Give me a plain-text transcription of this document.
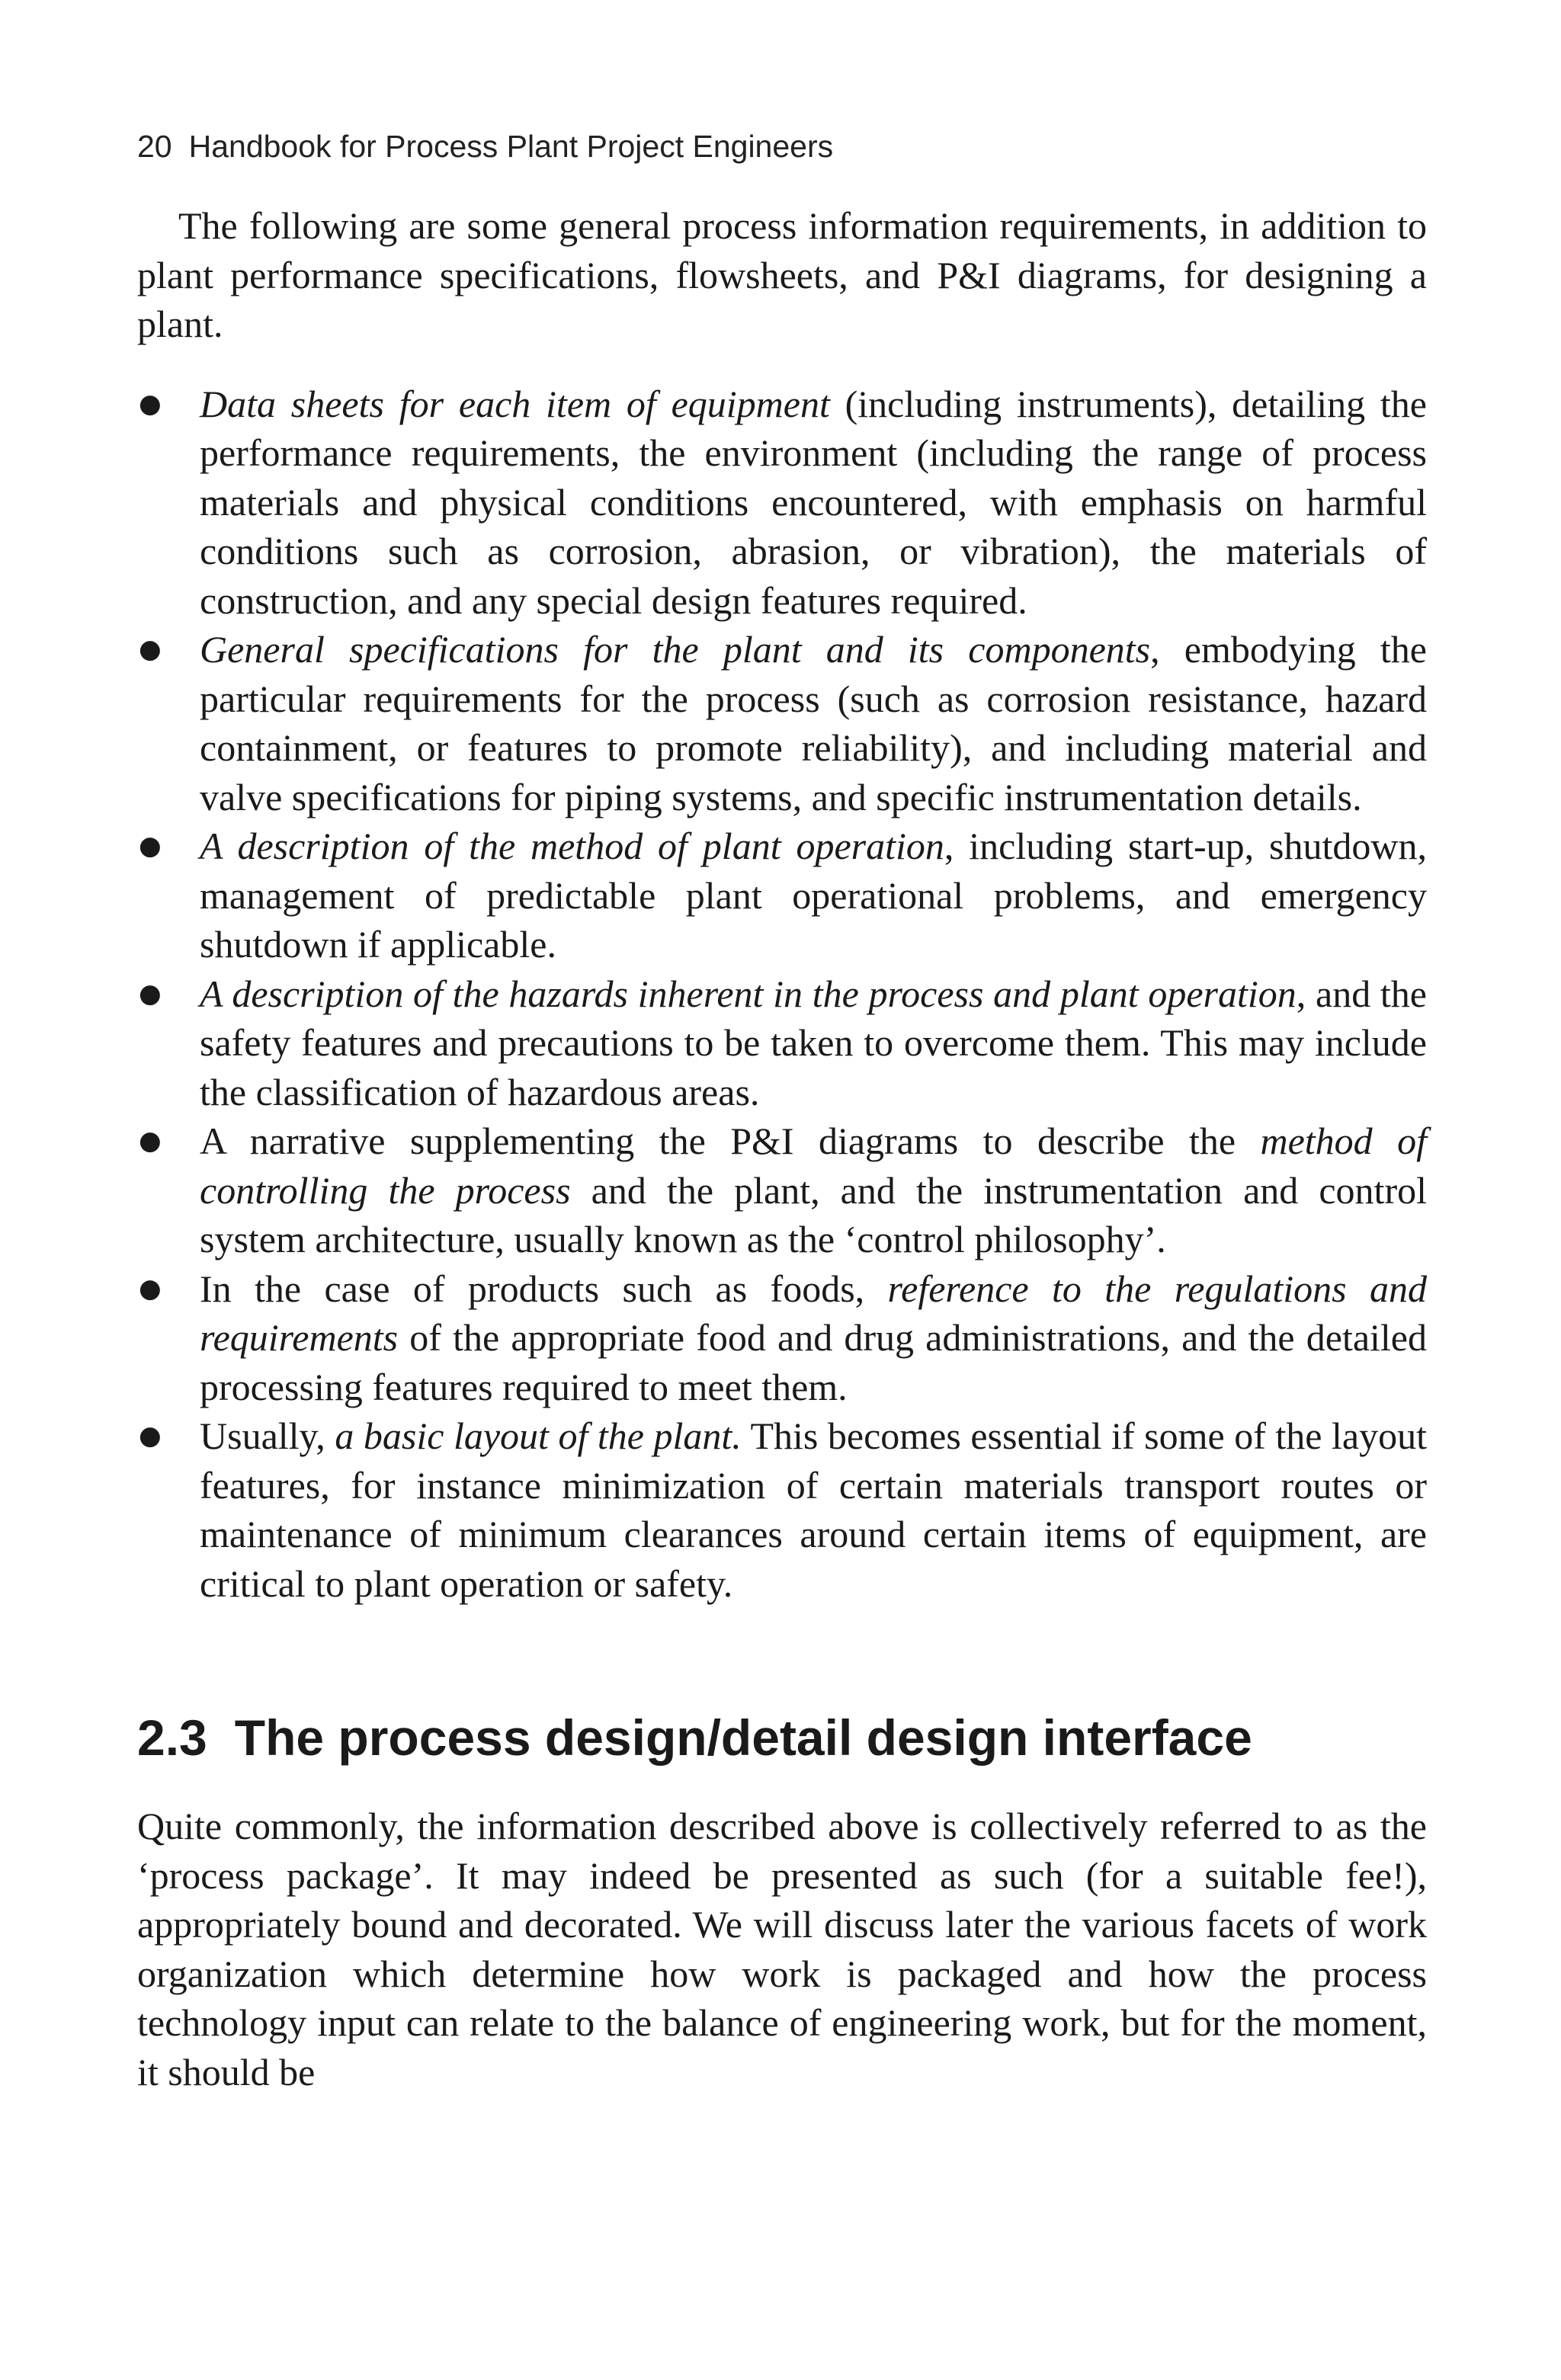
20 Handbook for Process Plant Project Engineers

The following are some general process information requirements, in addition to plant performance specifications, flowsheets, and P&I diagrams, for designing a plant.

● Data sheets for each item of equipment (including instruments), detailing the performance requirements, the environment (including the range of process materials and physical conditions encountered, with emphasis on harmful conditions such as corrosion, abrasion, or vibration), the materials of construction, and any special design features required.
● General specifications for the plant and its components, embodying the particular requirements for the process (such as corrosion resistance, hazard containment, or features to promote reliability), and including material and valve specifications for piping systems, and specific instrumentation details.
● A description of the method of plant operation, including start-up, shutdown, management of predictable plant operational problems, and emergency shutdown if applicable.
● A description of the hazards inherent in the process and plant operation, and the safety features and precautions to be taken to overcome them. This may include the classification of hazardous areas.
● A narrative supplementing the P&I diagrams to describe the method of controlling the process and the plant, and the instrumentation and control system architecture, usually known as the ‘control philosophy’.
● In the case of products such as foods, reference to the regulations and requirements of the appropriate food and drug administrations, and the detailed processing features required to meet them.
● Usually, a basic layout of the plant. This becomes essential if some of the layout features, for instance minimization of certain materials transport routes or maintenance of minimum clearances around certain items of equipment, are critical to plant operation or safety.
2.3 The process design/detail design interface

Quite commonly, the information described above is collectively referred to as the ‘process package’. It may indeed be presented as such (for a suitable fee!), appropriately bound and decorated. We will discuss later the various facets of work organization which determine how work is packaged and how the process technology input can relate to the balance of engineering work, but for the moment, it should be
